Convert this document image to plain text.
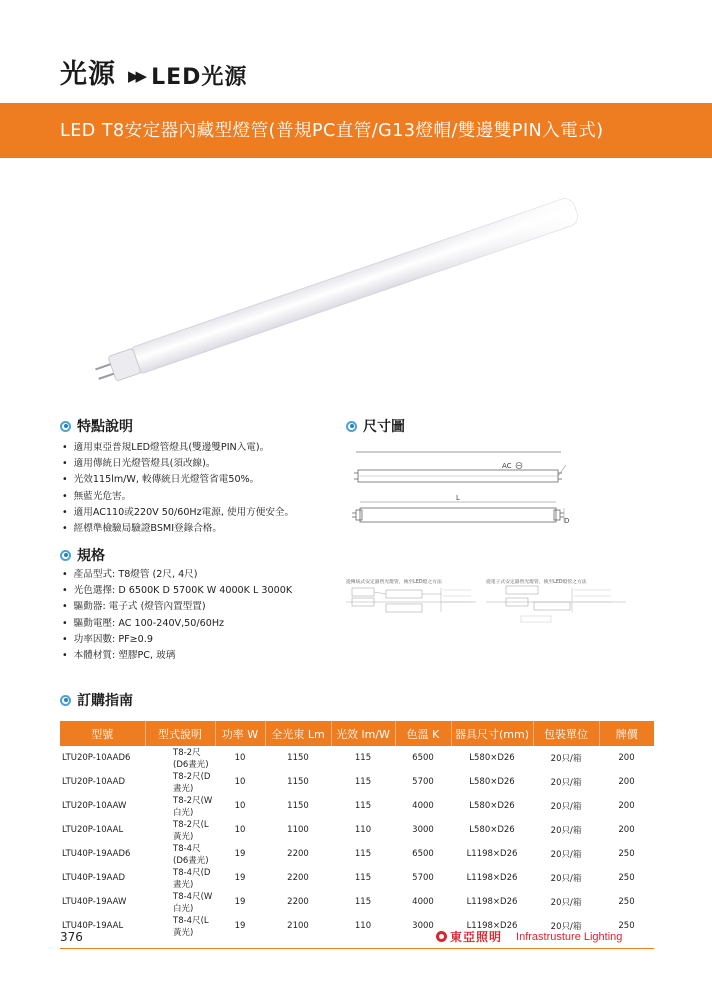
光源 ▶▶ LED光源
LED T8安定器內藏型燈管(普規PC直管/G13燈帽/雙邊雙PIN入電式)
特點說明
• 適用東亞普規LED燈管燈具(雙邊雙PIN入電)。
• 適用傳統日光燈管燈具(須改線)。
• 光效115lm/W, 較傳統日光燈管省電50%。
• 無藍光危害。
• 適用AC110或220V 50/60Hz電源, 使用方便安全。
• 經標準檢驗局驗證BSMI登錄合格。
規格
• 產品型式: T8燈管 (2尺, 4尺)
• 光色選擇: D 6500K D 5700K W 4000K L 3000K
• 驅動器: 電子式 (燈管內置型置)
• 驅動電壓: AC 100-240V,50/60Hz
• 功率因數: PF≥0.9
• 本體材質: 塑膠PC, 玻璃
尺寸圖
AC
L
D
從傳統式安定器替光燈管，換至LED燈之方法	從電子式安定器替光燈管，換至LED燈管之方法
訂購指南
型號	型式說明	功率 W	全光束 Lm	光效 lm/W	色溫 K	器具尺寸(mm)	包裝單位	牌價
LTU20P-10AAD6	T8-2尺(D6晝光)	10	1150	115	6500	L580×D26	20只/箱	200
LTU20P-10AAD	T8-2尺(D晝光)	10	1150	115	5700	L580×D26	20只/箱	200
LTU20P-10AAW	T8-2尺(W白光)	10	1150	115	4000	L580×D26	20只/箱	200
LTU20P-10AAL	T8-2尺(L黃光)	10	1100	110	3000	L580×D26	20只/箱	200
LTU40P-19AAD6	T8-4尺(D6晝光)	19	2200	115	6500	L1198×D26	20只/箱	250
LTU40P-19AAD	T8-4尺(D晝光)	19	2200	115	5700	L1198×D26	20只/箱	250
LTU40P-19AAW	T8-4尺(W白光)	19	2200	115	4000	L1198×D26	20只/箱	250
LTU40P-19AAL	T8-4尺(L黃光)	19	2100	110	3000	L1198×D26	20只/箱	250
376	東亞照明 Infrastrusture Lighting
